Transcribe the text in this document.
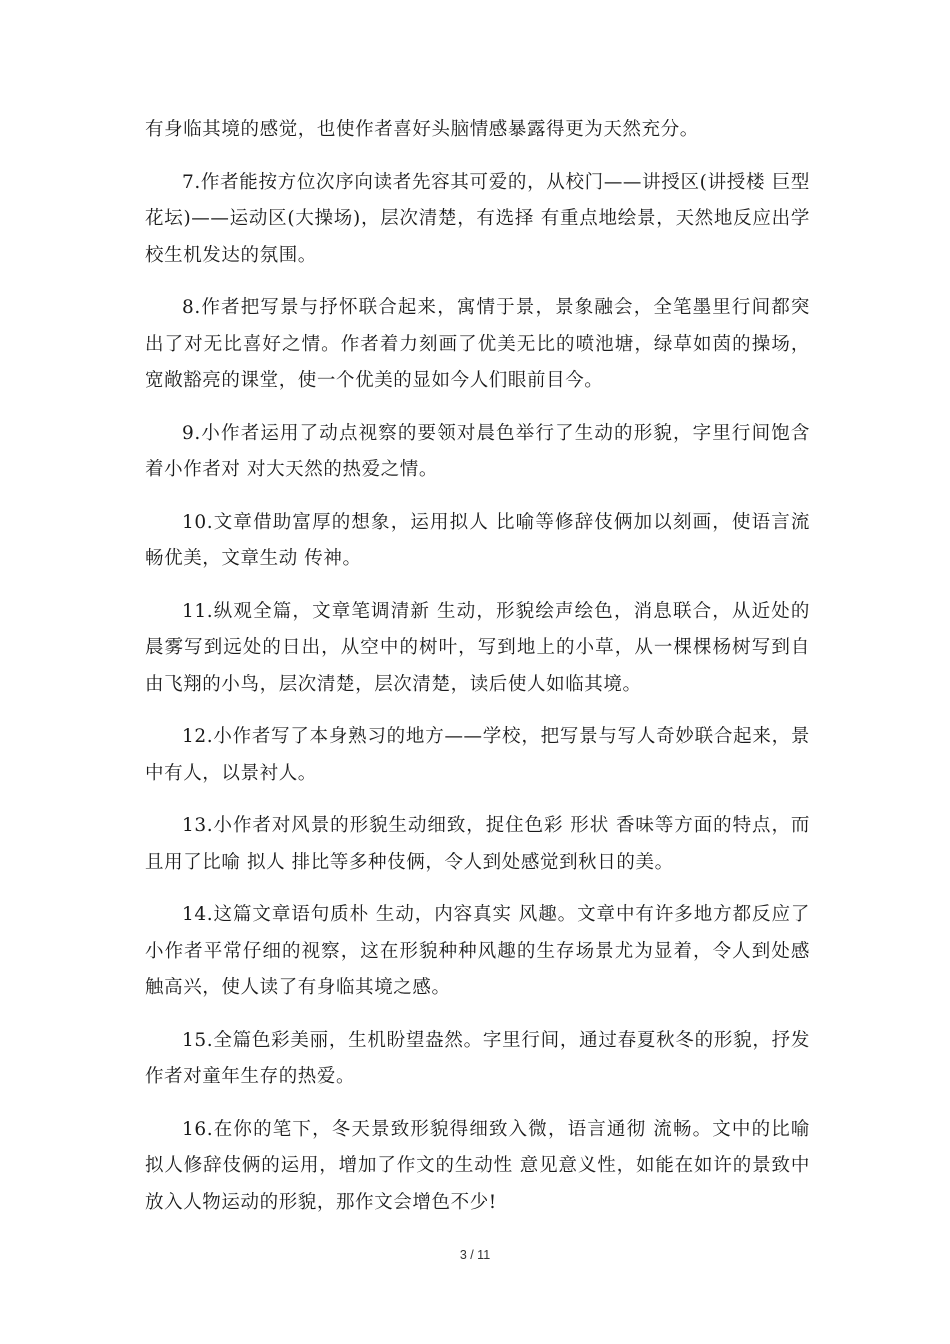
有身临其境的感觉，也使作者喜好头脑情感暴露得更为天然充分。

7.作者能按方位次序向读者先容其可爱的，从校门——讲授区(讲授楼 巨型花坛)——运动区(大操场)，层次清楚，有选择 有重点地绘景，天然地反应出学校生机发达的氛围。

8.作者把写景与抒怀联合起来，寓情于景，景象融会，全笔墨里行间都突出了对无比喜好之情。作者着力刻画了优美无比的喷池塘，绿草如茵的操场，宽敞豁亮的课堂，使一个优美的显如今人们眼前目今。

9.小作者运用了动点视察的要领对晨色举行了生动的形貌，字里行间饱含着小作者对 对大天然的热爱之情。

10.文章借助富厚的想象，运用拟人 比喻等修辞伎俩加以刻画，使语言流畅优美，文章生动 传神。

11.纵观全篇，文章笔调清新 生动，形貌绘声绘色，消息联合，从近处的晨雾写到远处的日出，从空中的树叶，写到地上的小草，从一棵棵杨树写到自由飞翔的小鸟，层次清楚，层次清楚，读后使人如临其境。

12.小作者写了本身熟习的地方——学校，把写景与写人奇妙联合起来，景中有人，以景衬人。

13.小作者对风景的形貌生动细致，捉住色彩 形状 香味等方面的特点，而且用了比喻 拟人 排比等多种伎俩，令人到处感觉到秋日的美。

14.这篇文章语句质朴 生动，内容真实 风趣。文章中有许多地方都反应了小作者平常仔细的视察，这在形貌种种风趣的生存场景尤为显着，令人到处感触高兴，使人读了有身临其境之感。

15.全篇色彩美丽，生机盼望盎然。字里行间，通过春夏秋冬的形貌，抒发作者对童年生存的热爱。

16.在你的笔下，冬天景致形貌得细致入微，语言通彻 流畅。文中的比喻 拟人修辞伎俩的运用，增加了作文的生动性 意见意义性，如能在如许的景致中放入人物运动的形貌，那作文会增色不少!

3 / 11
